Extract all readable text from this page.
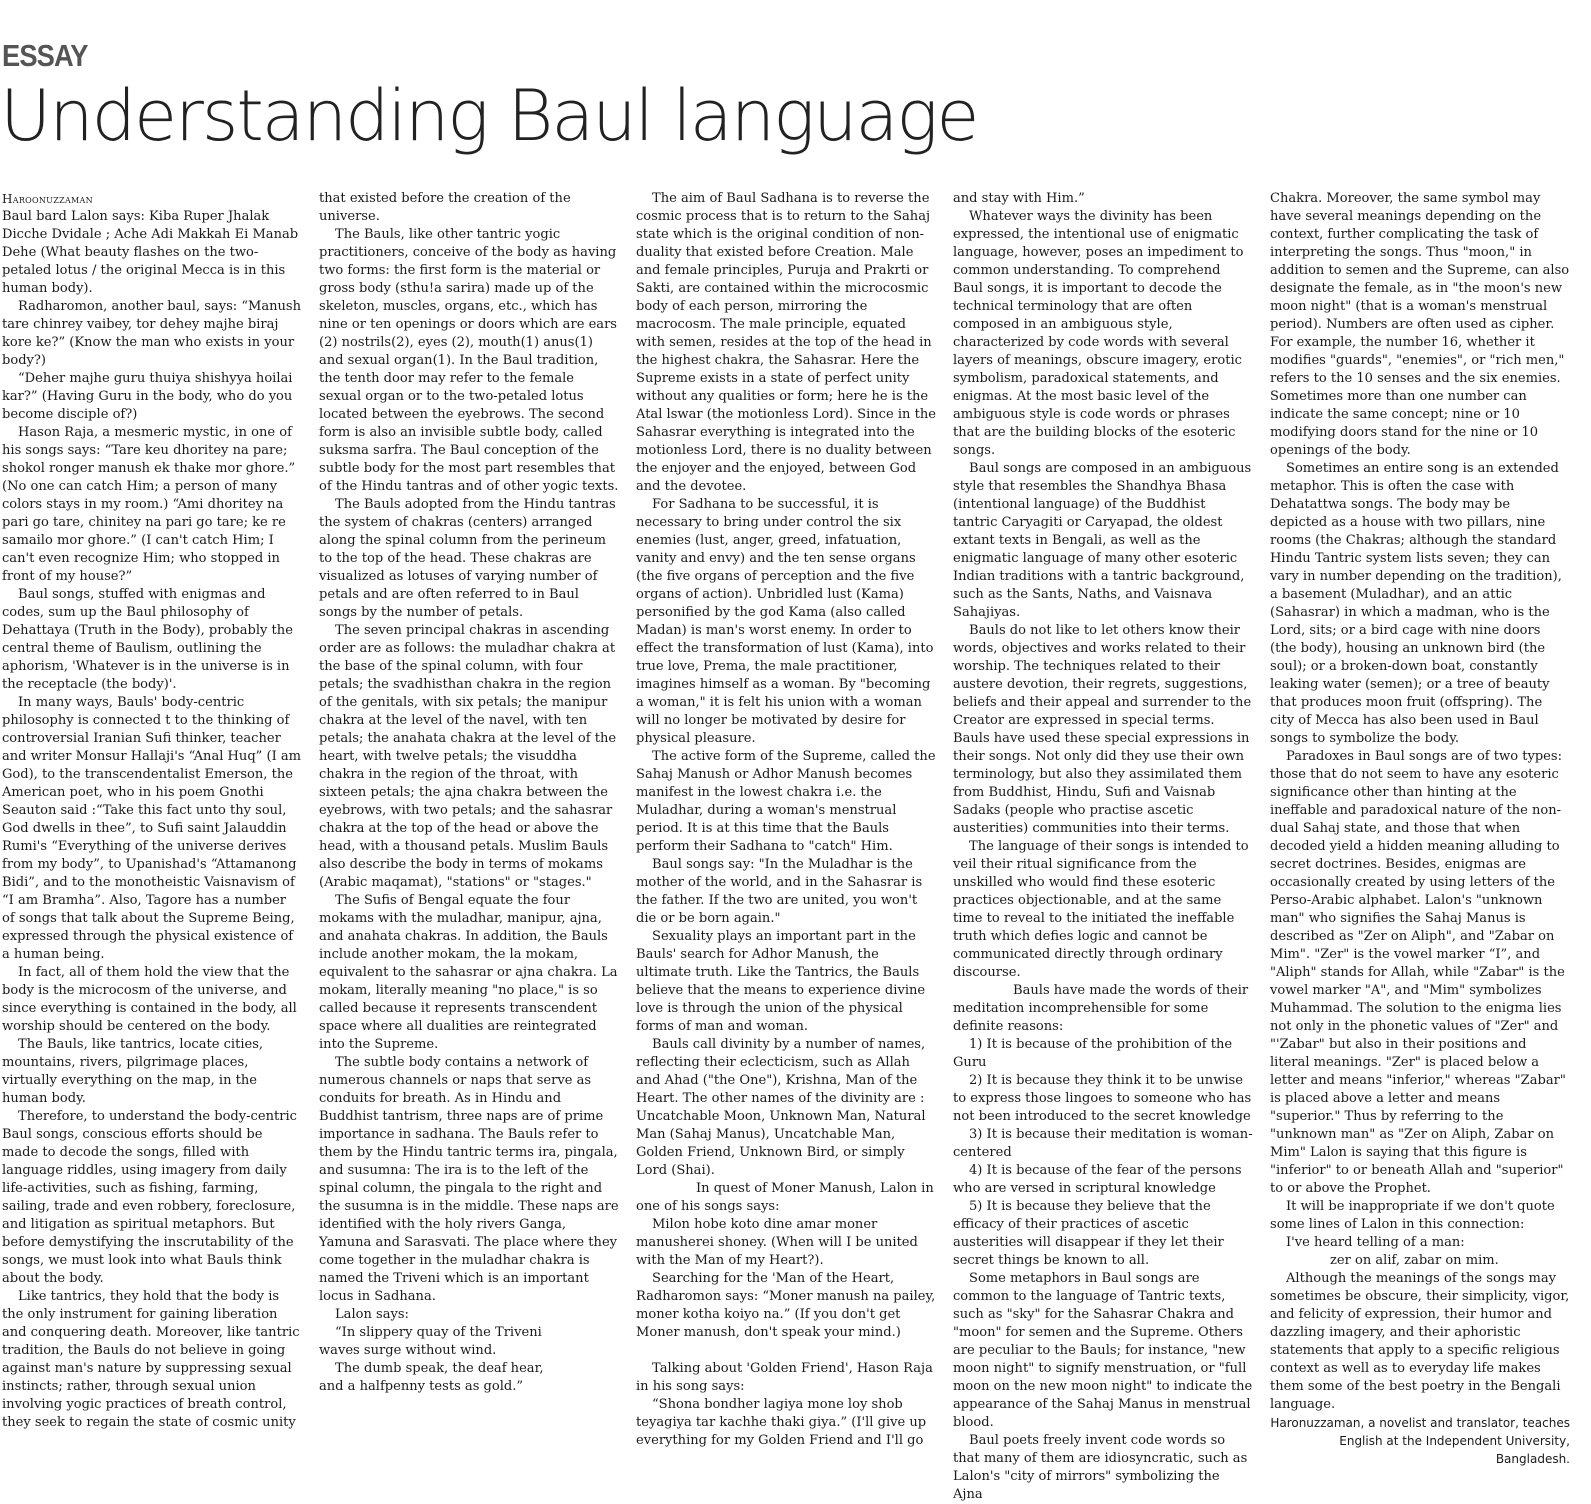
ESSAY
Understanding Baul language

Haroonuzzaman

Baul bard Lalon says: Kiba Ruper Jhalak Dicche Dvidale ; Ache Adi Makkah Ei Manab Dehe (What beauty flashes on the two-petaled lotus / the original Mecca is in this human body).

Radharomon, another baul, says: “Manush tare chinrey vaibey, tor dehey majhe biraj kore ke?” (Know the man who exists in your body?)

“Deher majhe guru thuiya shishyya hoilai kar?” (Having Guru in the body, who do you become disciple of?)

Hason Raja, a mesmeric mystic, in one of his songs says: “Tare keu dhoritey na pare; shokol ronger manush ek thake mor ghore.” (No one can catch Him; a person of many colors stays in my room.) “Ami dhoritey na pari go tare, chinitey na pari go tare; ke re samailo mor ghore.” (I can't catch Him; I can't even recognize Him; who stopped in front of my house?”

Baul songs, stuffed with enigmas and codes, sum up the Baul philosophy of Dehattaya (Truth in the Body), probably the central theme of Baulism, outlining the aphorism, 'Whatever is in the universe is in the receptacle (the body)'.

In many ways, Bauls' body-centric philosophy is connected t to the thinking of controversial Iranian Sufi thinker, teacher and writer Monsur Hallaji's “Anal Huq” (I am God), to the transcendentalist Emerson, the American poet, who in his poem Gnothi Seauton said :“Take this fact unto thy soul, God dwells in thee”, to Sufi saint Jalauddin Rumi's “Everything of the universe derives from my body”, to Upanishad's “Attamanong Bidi”, and to the monotheistic Vaisnavism of “I am Bramha”. Also, Tagore has a number of songs that talk about the Supreme Being, expressed through the physical existence of a human being.

In fact, all of them hold the view that the body is the microcosm of the universe, and since everything is contained in the body, all worship should be centered on the body.

The Bauls, like tantrics, locate cities, mountains, rivers, pilgrimage places, virtually everything on the map, in the human body.

Therefore, to understand the body-centric Baul songs, conscious efforts should be made to decode the songs, filled with language riddles, using imagery from daily life-activities, such as fishing, farming, sailing, trade and even robbery, foreclosure, and litigation as spiritual metaphors. But before demystifying the inscrutability of the songs, we must look into what Bauls think about the body.

Like tantrics, they hold that the body is the only instrument for gaining liberation and conquering death. Moreover, like tantric tradition, the Bauls do not believe in going against man's nature by suppressing sexual instincts; rather, through sexual union involving yogic practices of breath control, they seek to regain the state of cosmic unity

that existed before the creation of the universe.

The Bauls, like other tantric yogic practitioners, conceive of the body as having two forms: the first form is the material or gross body (sthu!a sarira) made up of the skeleton, muscles, organs, etc., which has nine or ten openings or doors which are ears (2) nostrils(2), eyes (2), mouth(1) anus(1) and sexual organ(1). In the Baul tradition, the tenth door may refer to the female sexual organ or to the two-petaled lotus located between the eyebrows. The second form is also an invisible subtle body, called suksma sarfra. The Baul conception of the subtle body for the most part resembles that of the Hindu tantras and of other yogic texts.

The Bauls adopted from the Hindu tantras the system of chakras (centers) arranged along the spinal column from the perineum to the top of the head. These chakras are visualized as lotuses of varying number of petals and are often referred to in Baul songs by the number of petals.

The seven principal chakras in ascending order are as follows: the muladhar chakra at the base of the spinal column, with four petals; the svadhisthan chakra in the region of the genitals, with six petals; the manipur chakra at the level of the navel, with ten petals; the anahata chakra at the level of the heart, with twelve petals; the visuddha chakra in the region of the throat, with sixteen petals; the ajna chakra between the eyebrows, with two petals; and the sahasrar chakra at the top of the head or above the head, with a thousand petals. Muslim Bauls also describe the body in terms of mokams (Arabic maqamat), "stations" or "stages."

The Sufis of Bengal equate the four mokams with the muladhar, manipur, ajna, and anahata chakras. In addition, the Bauls include another mokam, the la mokam, equivalent to the sahasrar or ajna chakra. La mokam, literally meaning "no place," is so called because it represents transcendent space where all dualities are reintegrated into the Supreme.

The subtle body contains a network of numerous channels or naps that serve as conduits for breath. As in Hindu and Buddhist tantrism, three naps are of prime importance in sadhana. The Bauls refer to them by the Hindu tantric terms ira, pingala, and susumna: The ira is to the left of the spinal column, the pingala to the right and the susumna is in the middle. These naps are identified with the holy rivers Ganga, Yamuna and Sarasvati. The place where they come together in the muladhar chakra is named the Triveni which is an important locus in Sadhana.

Lalon says:

“In slippery quay of the Triveni

waves surge without wind.

The dumb speak, the deaf hear,

and a halfpenny tests as gold.”

The aim of Baul Sadhana is to reverse the cosmic process that is to return to the Sahaj state which is the original condition of non-duality that existed before Creation. Male and female principles, Puruja and Prakrti or Sakti, are contained within the microcosmic body of each person, mirroring the macrocosm. The male principle, equated with semen, resides at the top of the head in the highest chakra, the Sahasrar. Here the Supreme exists in a state of perfect unity without any qualities or form; here he is the Atal lswar (the motionless Lord). Since in the Sahasrar everything is integrated into the motionless Lord, there is no duality between the enjoyer and the enjoyed, between God and the devotee.

For Sadhana to be successful, it is necessary to bring under control the six enemies (lust, anger, greed, infatuation, vanity and envy) and the ten sense organs (the five organs of perception and the five organs of action). Unbridled lust (Kama) personified by the god Kama (also called Madan) is man's worst enemy. In order to effect the transformation of lust (Kama), into true love, Prema, the male practitioner, imagines himself as a woman. By "becoming a woman," it is felt his union with a woman will no longer be motivated by desire for physical pleasure.

The active form of the Supreme, called the Sahaj Manush or Adhor Manush becomes manifest in the lowest chakra i.e. the Muladhar, during a woman's menstrual period. It is at this time that the Bauls perform their Sadhana to "catch" Him.

Baul songs say: "In the Muladhar is the mother of the world, and in the Sahasrar is the father. If the two are united, you won't die or be born again."

Sexuality plays an important part in the Bauls' search for Adhor Manush, the ultimate truth. Like the Tantrics, the Bauls believe that the means to experience divine love is through the union of the physical forms of man and woman.

Bauls call divinity by a number of names, reflecting their eclecticism, such as Allah and Ahad ("the One"), Krishna, Man of the Heart. The other names of the divinity are : Uncatchable Moon, Unknown Man, Natural Man (Sahaj Manus), Uncatchable Man, Golden Friend, Unknown Bird, or simply Lord (Shai).

In quest of Moner Manush, Lalon in one of his songs says:

Milon hobe koto dine amar moner manusherei shoney. (When will I be united with the Man of my Heart?).

Searching for the 'Man of the Heart, Radharomon says: “Moner manush na pailey, moner kotha koiyo na.” (If you don't get Moner manush, don't speak your mind.)

Talking about 'Golden Friend', Hason Raja in his song says:

“Shona bondher lagiya mone loy shob teyagiya tar kachhe thaki giya.” (I'll give up everything for my Golden Friend and I'll go

and stay with Him.”

Whatever ways the divinity has been expressed, the intentional use of enigmatic language, however, poses an impediment to common understanding. To comprehend Baul songs, it is important to decode the technical terminology that are often composed in an ambiguous style, characterized by code words with several layers of meanings, obscure imagery, erotic symbolism, paradoxical statements, and enigmas. At the most basic level of the ambiguous style is code words or phrases that are the building blocks of the esoteric songs.

Baul songs are composed in an ambiguous style that resembles the Shandhya Bhasa (intentional language) of the Buddhist tantric Caryagiti or Caryapad, the oldest extant texts in Bengali, as well as the enigmatic language of many other esoteric Indian traditions with a tantric background, such as the Sants, Naths, and Vaisnava Sahajiyas.

Bauls do not like to let others know their words, objectives and works related to their worship. The techniques related to their austere devotion, their regrets, suggestions, beliefs and their appeal and surrender to the Creator are expressed in special terms. Bauls have used these special expressions in their songs. Not only did they use their own terminology, but also they assimilated them from Buddhist, Hindu, Sufi and Vaisnab Sadaks (people who practise ascetic austerities) communities into their terms.

The language of their songs is intended to veil their ritual significance from the unskilled who would find these esoteric practices objectionable, and at the same time to reveal to the initiated the ineffable truth which defies logic and cannot be communicated directly through ordinary discourse.

Bauls have made the words of their meditation incomprehensible for some definite reasons:

1) It is because of the prohibition of the Guru

2) It is because they think it to be unwise to express those lingoes to someone who has not been introduced to the secret knowledge

3) It is because their meditation is woman-centered

4) It is because of the fear of the persons who are versed in scriptural knowledge

5) It is because they believe that the efficacy of their practices of ascetic austerities will disappear if they let their secret things be known to all.

Some metaphors in Baul songs are common to the language of Tantric texts, such as "sky" for the Sahasrar Chakra and "moon" for semen and the Supreme. Others are peculiar to the Bauls; for instance, "new moon night" to signify menstruation, or "full moon on the new moon night" to indicate the appearance of the Sahaj Manus in menstrual blood.

Baul poets freely invent code words so that many of them are idiosyncratic, such as Lalon's "city of mirrors" symbolizing the Ajna

Chakra. Moreover, the same symbol may have several meanings depending on the context, further complicating the task of interpreting the songs. Thus "moon," in addition to semen and the Supreme, can also designate the female, as in "the moon's new moon night" (that is a woman's menstrual period). Numbers are often used as cipher. For example, the number 16, whether it modifies "guards", "enemies", or "rich men," refers to the 10 senses and the six enemies. Sometimes more than one number can indicate the same concept; nine or 10 modifying doors stand for the nine or 10 openings of the body.

Sometimes an entire song is an extended metaphor. This is often the case with Dehatattwa songs. The body may be depicted as a house with two pillars, nine rooms (the Chakras; although the standard Hindu Tantric system lists seven; they can vary in number depending on the tradition), a basement (Muladhar), and an attic (Sahasrar) in which a madman, who is the Lord, sits; or a bird cage with nine doors (the body), housing an unknown bird (the soul); or a broken-down boat, constantly leaking water (semen); or a tree of beauty that produces moon fruit (offspring). The city of Mecca has also been used in Baul songs to symbolize the body.

Paradoxes in Baul songs are of two types: those that do not seem to have any esoteric significance other than hinting at the ineffable and paradoxical nature of the non-dual Sahaj state, and those that when decoded yield a hidden meaning alluding to secret doctrines. Besides, enigmas are occasionally created by using letters of the Perso-Arabic alphabet. Lalon's "unknown man" who signifies the Sahaj Manus is described as "Zer on Aliph", and "Zabar on Mim". "Zer" is the vowel marker “I”, and "Aliph" stands for Allah, while "Zabar" is the vowel marker "A", and "Mim" symbolizes Muhammad. The solution to the enigma lies not only in the phonetic values of "Zer" and "'Zabar" but also in their positions and literal meanings. "Zer" is placed below a letter and means "inferior," whereas "Zabar" is placed above a letter and means "superior." Thus by referring to the "unknown man" as "Zer on Aliph, Zabar on Mim" Lalon is saying that this figure is "inferior" to or beneath Allah and "superior" to or above the Prophet.

It will be inappropriate if we don't quote some lines of Lalon in this connection:

I've heard telling of a man:

zer on alif, zabar on mim.

Although the meanings of the songs may sometimes be obscure, their simplicity, vigor, and felicity of expression, their humor and dazzling imagery, and their aphoristic statements that apply to a specific religious context as well as to everyday life makes them some of the best poetry in the Bengali language.

Haronuzzaman, a novelist and translator, teaches English at the Independent University, Bangladesh.
